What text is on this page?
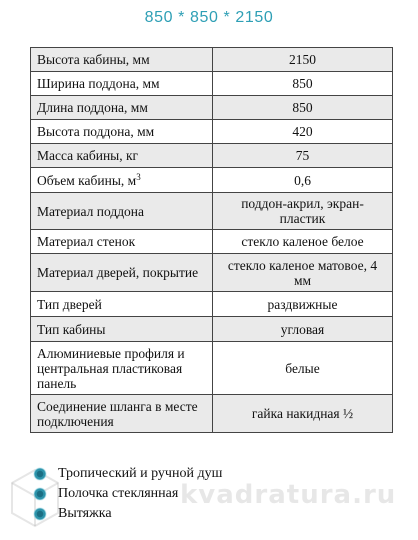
850 * 850 * 2150
Высота кабины, мм	2150
Ширина поддона, мм	850
Длина поддона, мм	850
Высота поддона, мм	420
Масса кабины, кг	75
Объем кабины, $м^3$	0,6
Материал поддона	поддон-акрил, экран-пластик
Материал стенок	стекло каленое белое
Материал дверей, покрытие	стекло каленое матовое, 4 мм
Тип дверей	раздвижные
Тип кабины	угловая
Алюминиевые профиля и центральная пластиковая панель	белые
Соединение шланга в месте подключения	гайка накидная ½
kvadratura.ru
Тропический и ручной душ
Полочка стеклянная
Вытяжка
